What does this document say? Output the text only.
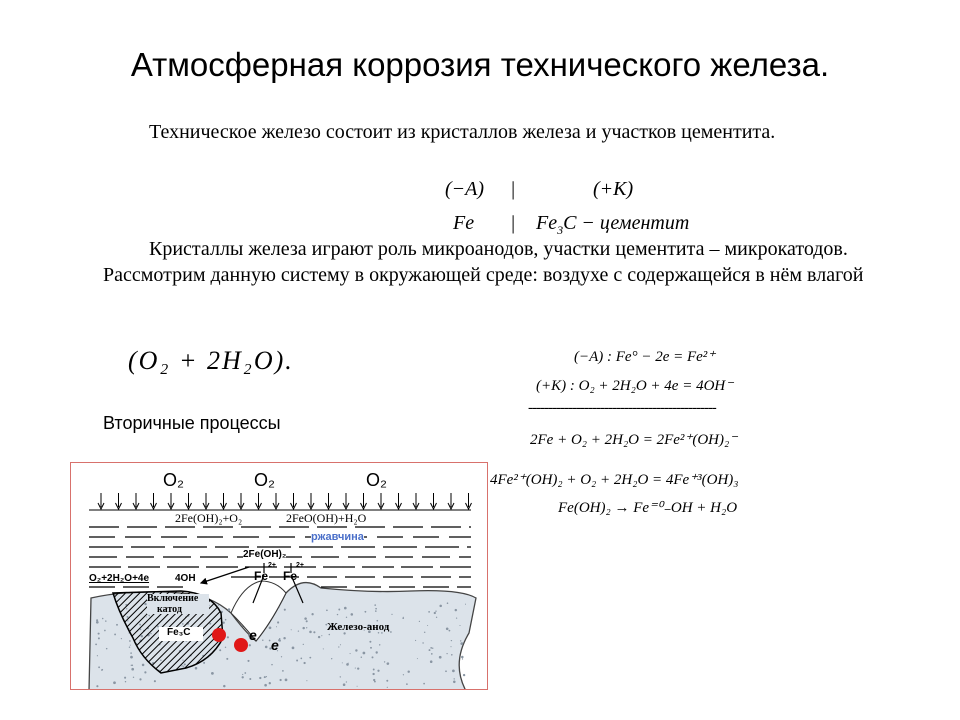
Атмосферная коррозия технического железа.
Техническое железо состоит из кристаллов железа и участков цементита.
(−A) |	(+K)
Fe | $Fe_3C$ − цементит
Кристаллы железа играют роль микроанодов, участки цементита – микрокатодов. Рассмотрим данную систему в окружающей среде: воздухе с содержащейся в нём влагой
(O₂ + 2H₂O).
Вторичные процессы
(−A) : Fe° − 2e = Fe²⁺
(+K) : O₂ + 2H₂O + 4e = 4OH⁻
-----------------------------------------------
2Fe + O₂ + 2H₂O = 2Fe²⁺(OH)₂⁻
4Fe²⁺(OH)₂ + O₂ + 2H₂O = 4Fe⁺³(OH)₃
Fe(OH)₂ → Fe⁼⁰₋OH + H₂O
O₂	O₂	O₂
2Fe(OH)₂+O₂	2FeO(OH)+H₂O
ржавчина
2Fe(OH)₂
Fe Fe
2+	2+
O₂+2H₂O+4e	4OH
Включение
катод
Fe₃C	Железо-анод
e
e
